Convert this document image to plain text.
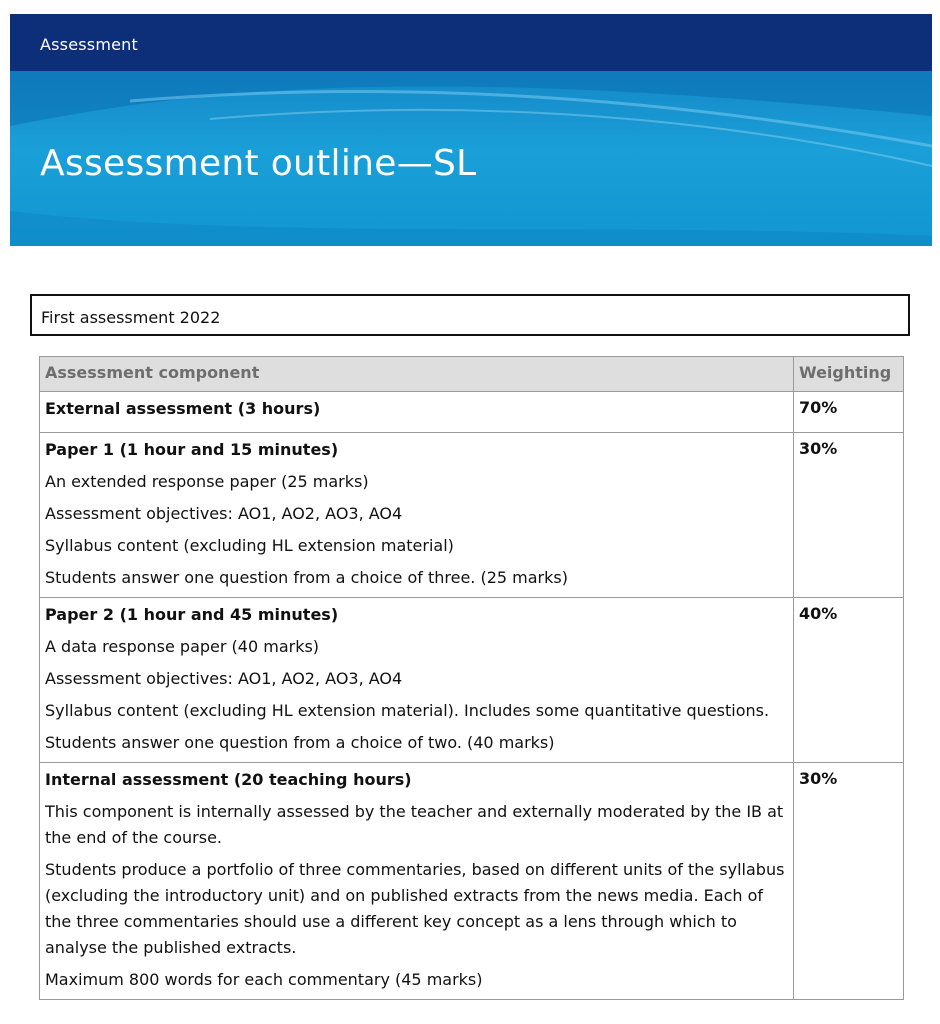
Assessment
Assessment outline—SL
First assessment 2022
Assessment component	Weighting

External assessment (3 hours)	70%

Paper 1 (1 hour and 15 minutes)
An extended response paper (25 marks)
Assessment objectives: AO1, AO2, AO3, AO4
Syllabus content (excluding HL extension material)
Students answer one question from a choice of three. (25 marks)	30%

Paper 2 (1 hour and 45 minutes)
A data response paper (40 marks)
Assessment objectives: AO1, AO2, AO3, AO4
Syllabus content (excluding HL extension material). Includes some quantitative questions.
Students answer one question from a choice of two. (40 marks)	40%

Internal assessment (20 teaching hours)
This component is internally assessed by the teacher and externally moderated by the IB at the end of the course.
Students produce a portfolio of three commentaries, based on different units of the syllabus (excluding the introductory unit) and on published extracts from the news media. Each of the three commentaries should use a different key concept as a lens through which to analyse the published extracts.
Maximum 800 words for each commentary (45 marks)	30%
